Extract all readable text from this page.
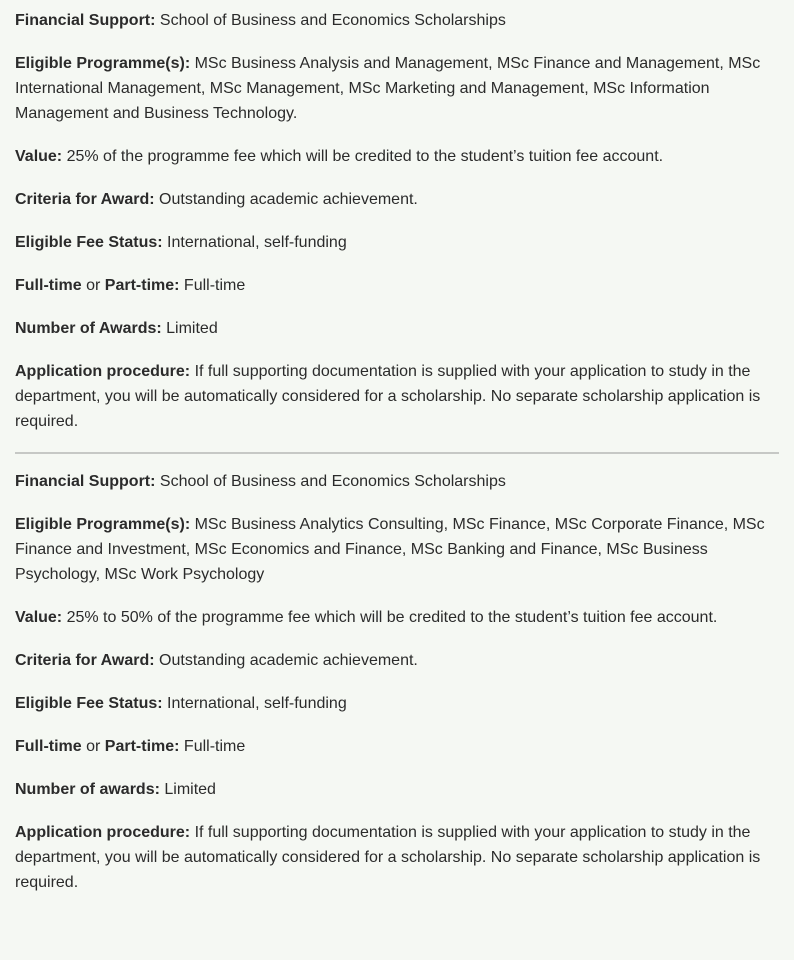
Financial Support: School of Business and Economics Scholarships

Eligible Programme(s): MSc Business Analysis and Management, MSc Finance and Management, MSc International Management, MSc Management, MSc Marketing and Management, MSc Information Management and Business Technology.

Value: 25% of the programme fee which will be credited to the student’s tuition fee account.

Criteria for Award: Outstanding academic achievement.

Eligible Fee Status: International, self-funding

Full-time or Part-time: Full-time

Number of Awards: Limited

Application procedure: If full supporting documentation is supplied with your application to study in the department, you will be automatically considered for a scholarship. No separate scholarship application is required.

Financial Support: School of Business and Economics Scholarships

Eligible Programme(s): MSc Business Analytics Consulting, MSc Finance, MSc Corporate Finance, MSc Finance and Investment, MSc Economics and Finance, MSc Banking and Finance, MSc Business Psychology, MSc Work Psychology

Value: 25% to 50% of the programme fee which will be credited to the student’s tuition fee account.

Criteria for Award: Outstanding academic achievement.

Eligible Fee Status: International, self-funding

Full-time or Part-time: Full-time

Number of awards: Limited

Application procedure: If full supporting documentation is supplied with your application to study in the department, you will be automatically considered for a scholarship. No separate scholarship application is required.
